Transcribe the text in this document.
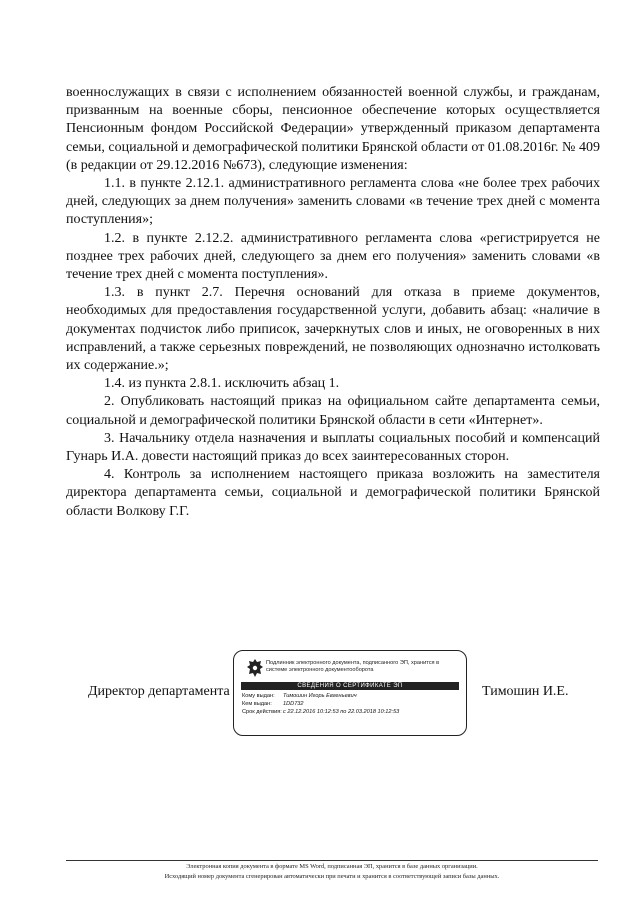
военнослужащих в связи с исполнением обязанностей военной службы, и гражданам, призванным на военные сборы, пенсионное обеспечение которых осуществляется Пенсионным фондом Российской Федерации» утвержденный приказом департамента семьи, социальной и демографической политики Брянской области от 01.08.2016г. № 409 (в редакции от 29.12.2016 №673), следующие изменения:

1.1. в пункте 2.12.1. административного регламента слова «не более трех рабочих дней, следующих за днем получения» заменить словами «в течение трех дней с момента поступления»;

1.2. в пункте 2.12.2. административного регламента слова «регистрируется не позднее трех рабочих дней, следующего за днем его получения» заменить словами «в течение трех дней с момента поступления».

1.3. в пункт 2.7. Перечня оснований для отказа в приеме документов, необходимых для предоставления государственной услуги, добавить абзац: «наличие в документах подчисток либо приписок, зачеркнутых слов и иных, не оговоренных в них исправлений, а также серьезных повреждений, не позволяющих однозначно истолковать их содержание.»;

1.4. из пункта 2.8.1. исключить абзац 1.

2. Опубликовать настоящий приказ на официальном сайте департамента семьи, социальной и демографической политики Брянской области в сети «Интернет».

3. Начальнику отдела назначения и выплаты социальных пособий и компенсаций Гунарь И.А. довести настоящий приказ до всех заинтересованных сторон.

4. Контроль за исполнением настоящего приказа возложить на заместителя директора департамента семьи, социальной и демографической политики Брянской области Волкову Г.Г.

Директор департамента
Подлинник электронного документа, подписанного ЭП, хранится в системе электронного документооборота
СВЕДЕНИЯ О СЕРТИФИКАТЕ ЭП
Кому выдан:	Тимошин Игорь Евгеньевич
Кем выдан:	1DD732
Срок действия: с 22.12.2016 10:12:53 по 22.03.2018 10:12:53
Тимошин И.Е.
Электронная копия документа в формате MS Word, подписанная ЭП, хранится в базе данных организации.
Исходящий номер документа сгенерирован автоматически при печати и хранится в соответствующей записи базы данных.
